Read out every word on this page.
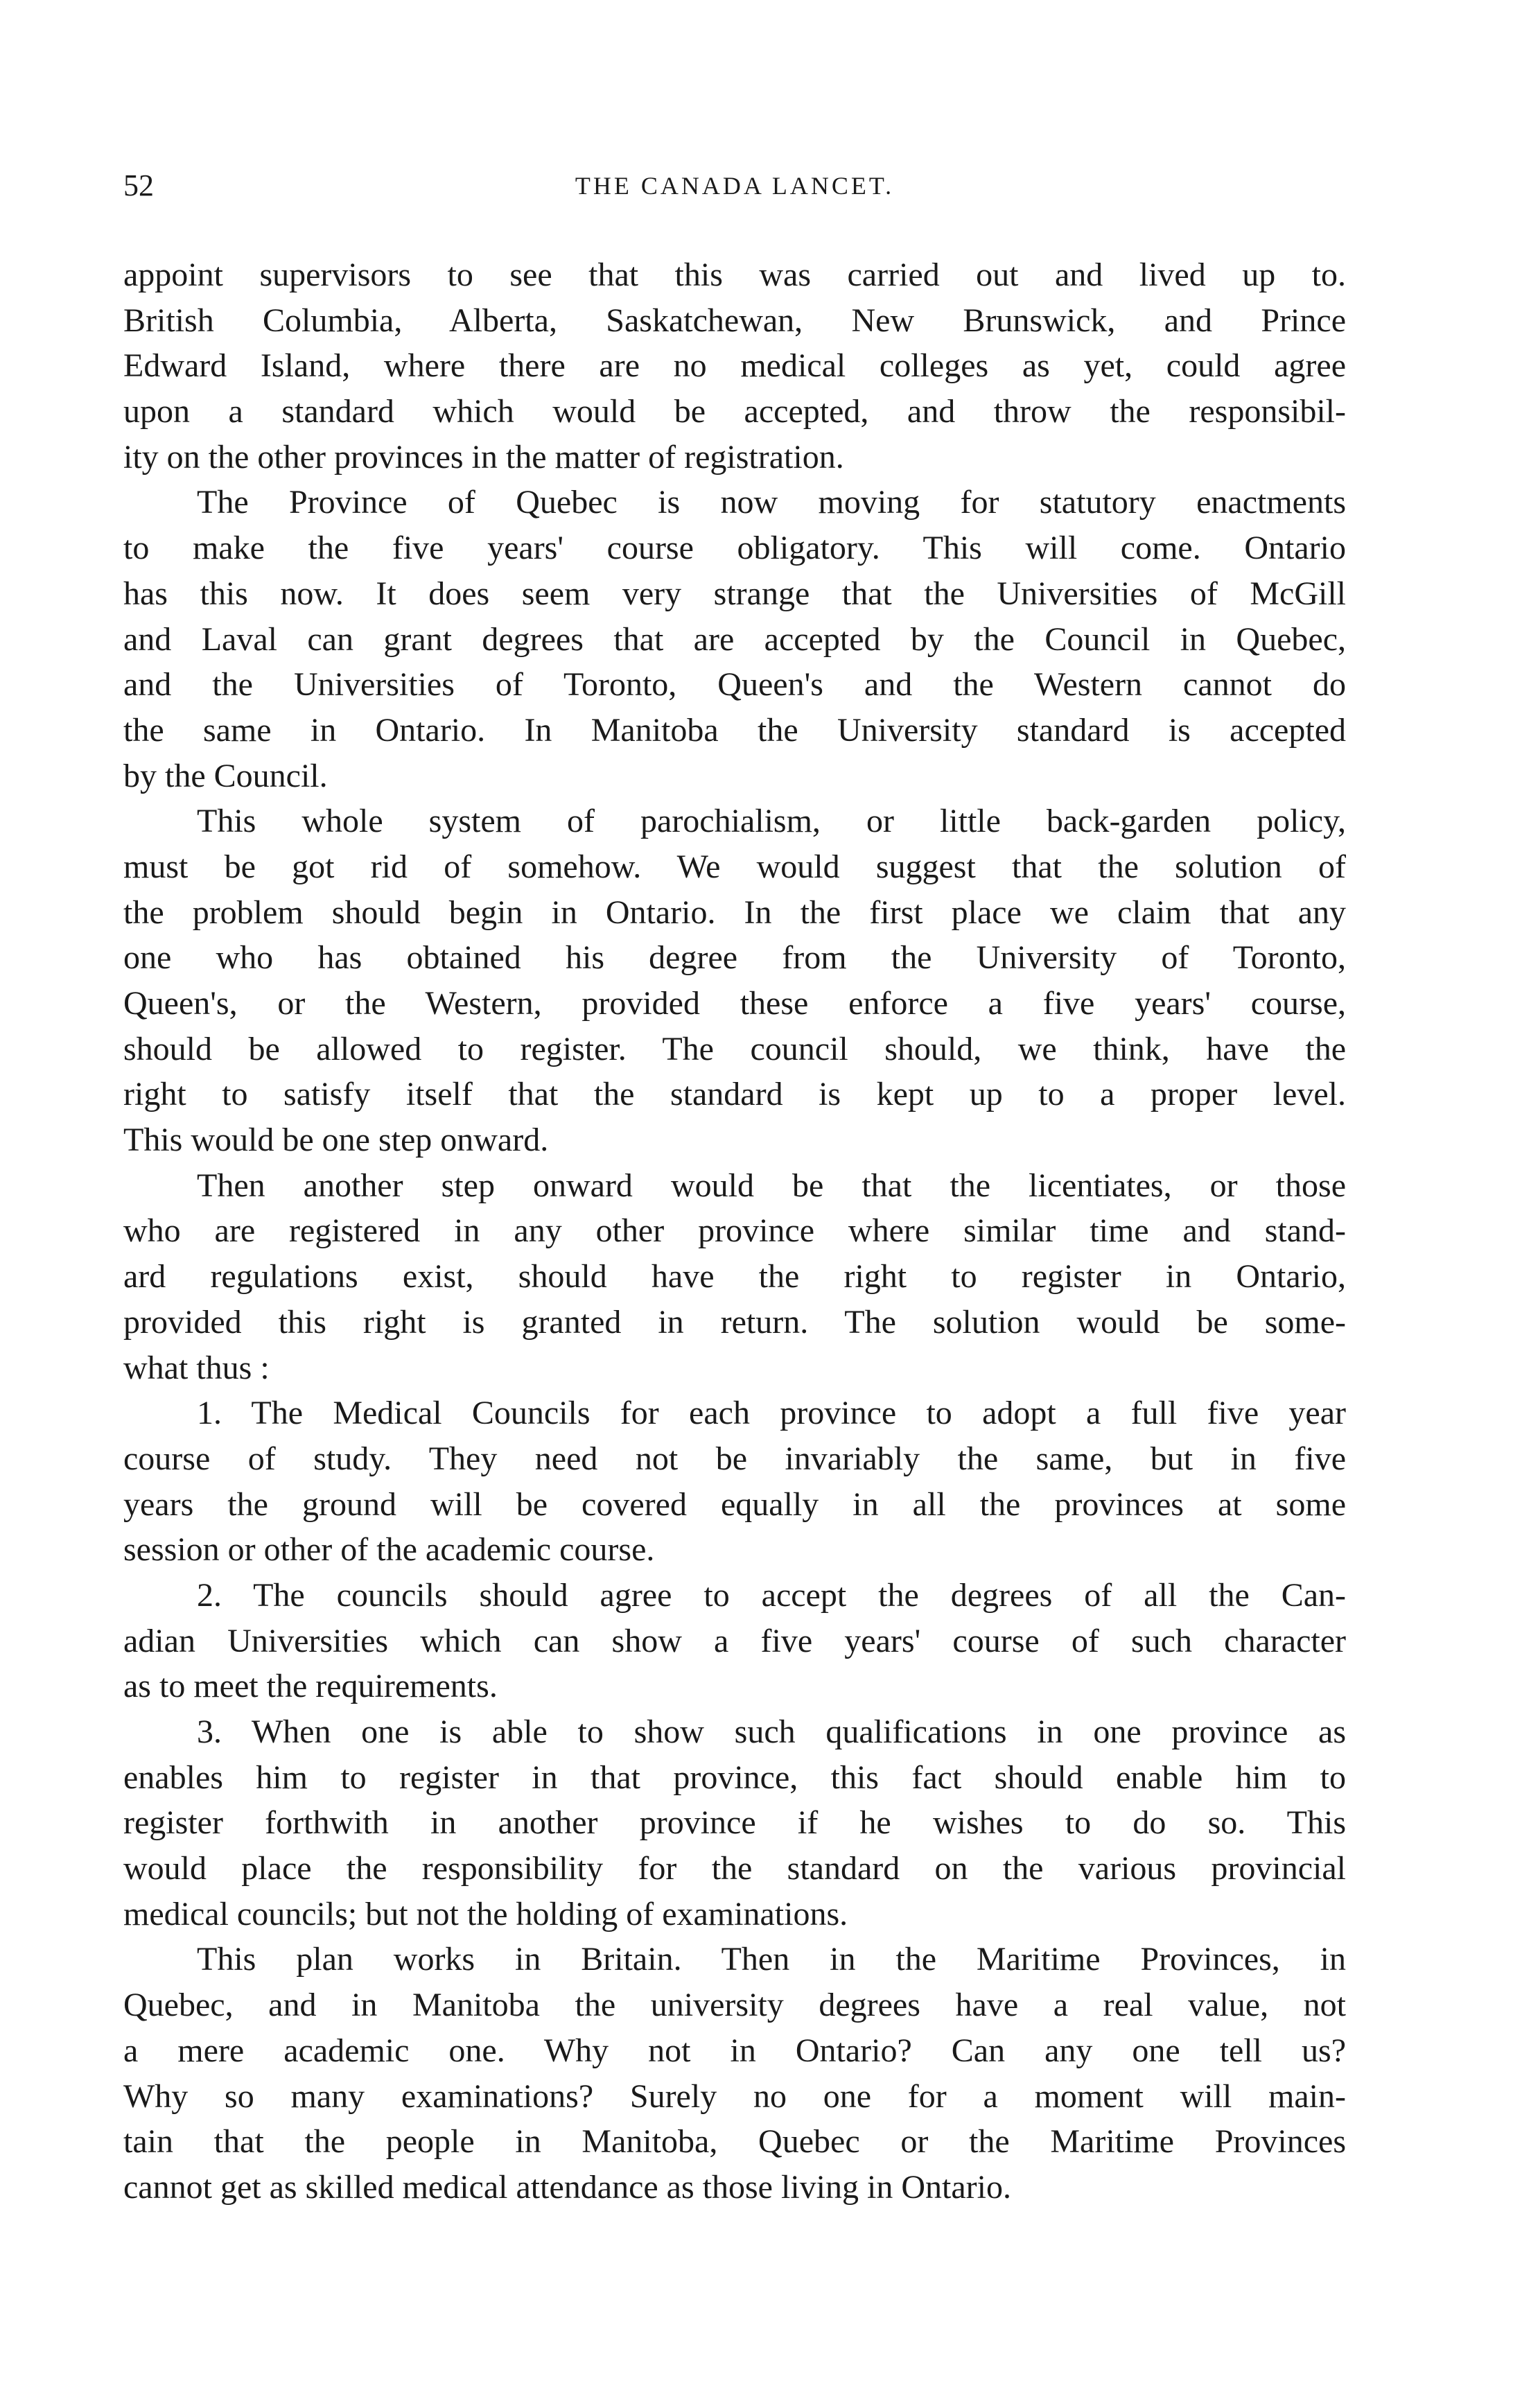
52	THE CANADA LANCET.
appoint supervisors to see that this was carried out and lived up to.
British Columbia, Alberta, Saskatchewan, New Brunswick, and Prince
Edward Island, where there are no medical colleges as yet, could agree
upon a standard which would be accepted, and throw the responsibil-
ity on the other provinces in the matter of registration.
The Province of Quebec is now moving for statutory enactments
to make the five years' course obligatory. This will come. Ontario
has this now. It does seem very strange that the Universities of McGill
and Laval can grant degrees that are accepted by the Council in Quebec,
and the Universities of Toronto, Queen's and the Western cannot do
the same in Ontario. In Manitoba the University standard is accepted
by the Council.
This whole system of parochialism, or little back-garden policy,
must be got rid of somehow. We would suggest that the solution of
the problem should begin in Ontario. In the first place we claim that any
one who has obtained his degree from the University of Toronto,
Queen's, or the Western, provided these enforce a five years' course,
should be allowed to register. The council should, we think, have the
right to satisfy itself that the standard is kept up to a proper level.
This would be one step onward.
Then another step onward would be that the licentiates, or those
who are registered in any other province where similar time and stand-
ard regulations exist, should have the right to register in Ontario,
provided this right is granted in return. The solution would be some-
what thus :
1. The Medical Councils for each province to adopt a full five year
course of study. They need not be invariably the same, but in five
years the ground will be covered equally in all the provinces at some
session or other of the academic course.
2. The councils should agree to accept the degrees of all the Can-
adian Universities which can show a five years' course of such character
as to meet the requirements.
3. When one is able to show such qualifications in one province as
enables him to register in that province, this fact should enable him to
register forthwith in another province if he wishes to do so. This
would place the responsibility for the standard on the various provincial
medical councils; but not the holding of examinations.
This plan works in Britain. Then in the Maritime Provinces, in
Quebec, and in Manitoba the university degrees have a real value, not
a mere academic one. Why not in Ontario? Can any one tell us?
Why so many examinations? Surely no one for a moment will main-
tain that the people in Manitoba, Quebec or the Maritime Provinces
cannot get as skilled medical attendance as those living in Ontario.
